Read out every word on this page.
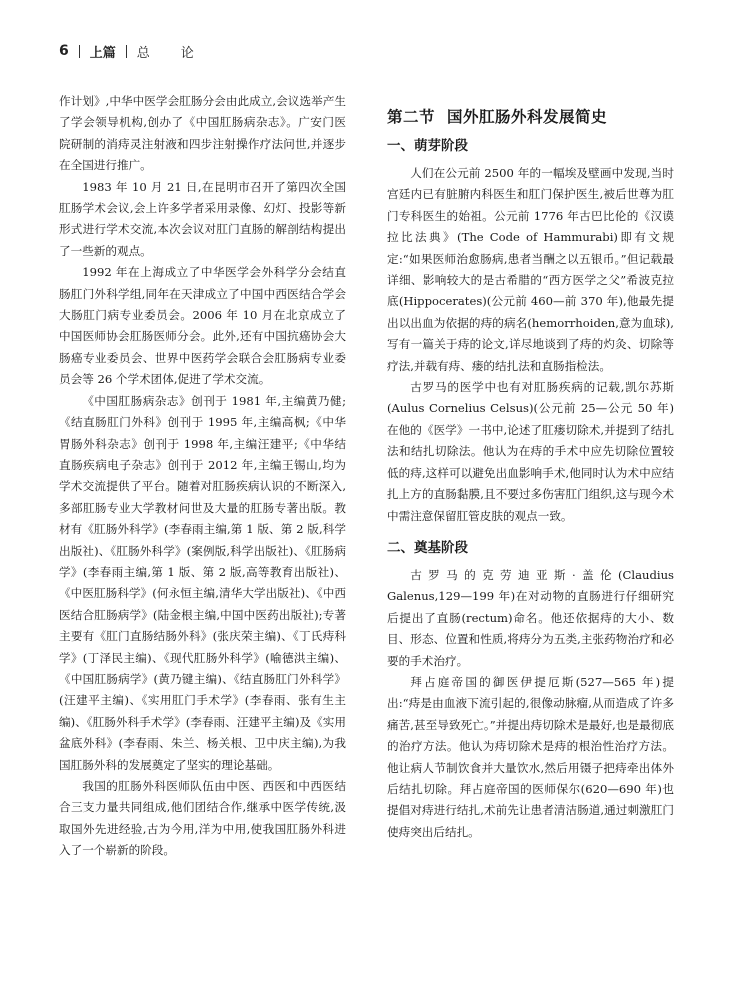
6 上篇 总　论

作计划》,中华中医学会肛肠分会由此成立,会议选举产生了学会领导机构,创办了《中国肛肠病杂志》。广安门医院研制的消痔灵注射液和四步注射操作疗法问世,并逐步在全国进行推广。

1983 年 10 月 21 日,在昆明市召开了第四次全国肛肠学术会议,会上许多学者采用录像、幻灯、投影等新形式进行学术交流,本次会议对肛门直肠的解剖结构提出了一些新的观点。

1992 年在上海成立了中华医学会外科学分会结直肠肛门外科学组,同年在天津成立了中国中西医结合学会大肠肛门病专业委员会。2006 年 10 月在北京成立了中国医师协会肛肠医师分会。此外,还有中国抗癌协会大肠癌专业委员会、世界中医药学会联合会肛肠病专业委员会等 26 个学术团体,促进了学术交流。

《中国肛肠病杂志》创刊于 1981 年,主编黄乃健;《结直肠肛门外科》创刊于 1995 年,主编高枫;《中华胃肠外科杂志》创刊于 1998 年,主编汪建平;《中华结直肠疾病电子杂志》创刊于 2012 年,主编王锡山,均为学术交流提供了平台。随着对肛肠疾病认识的不断深入,多部肛肠专业大学教材问世及大量的肛肠专著出版。教材有《肛肠外科学》(李春雨主编,第 1 版、第 2 版,科学出版社)、《肛肠外科学》(案例版,科学出版社)、《肛肠病学》(李春雨主编,第 1 版、第 2 版,高等教育出版社)、《中医肛肠科学》(何永恒主编,清华大学出版社)、《中西医结合肛肠病学》(陆金根主编,中国中医药出版社);专著主要有《肛门直肠结肠外科》(张庆荣主编)、《丁氏痔科学》(丁泽民主编)、《现代肛肠外科学》(喻德洪主编)、《中国肛肠病学》(黄乃键主编)、《结直肠肛门外科学》(汪建平主编)、《实用肛门手术学》(李春雨、张有生主编)、《肛肠外科手术学》(李春雨、汪建平主编)及《实用盆底外科》(李春雨、朱兰、杨关根、卫中庆主编),为我国肛肠外科的发展奠定了坚实的理论基础。

我国的肛肠外科医师队伍由中医、西医和中西医结合三支力量共同组成,他们团结合作,继承中医学传统,汲取国外先进经验,古为今用,洋为中用,使我国肛肠外科进入了一个崭新的阶段。

第二节 国外肛肠外科发展简史
一、萌芽阶段

人们在公元前 2500 年的一幅埃及壁画中发现,当时宫廷内已有脏腑内科医生和肛门保护医生,被后世尊为肛门专科医生的始祖。公元前 1776 年古巴比伦的《汉谟拉比法典》(The Code of Hammurabi)即有文规定:“如果医师治愈肠病,患者当酬之以五银币。”但记载最详细、影响较大的是古希腊的“西方医学之父”希波克拉底(Hippocerates)(公元前 460—前 370 年),他最先提出以出血为依据的痔的病名(hemorrhoiden,意为血球),写有一篇关于痔的论文,详尽地谈到了痔的灼灸、切除等疗法,并载有痔、瘘的结扎法和直肠指检法。

古罗马的医学中也有对肛肠疾病的记载,凯尔苏斯(Aulus Cornelius Celsus)(公元前 25—公元 50 年)在他的《医学》一书中,论述了肛瘘切除术,并提到了结扎法和结扎切除法。他认为在痔的手术中应先切除位置较低的痔,这样可以避免出血影响手术,他同时认为术中应结扎上方的直肠黏膜,且不要过多伤害肛门组织,这与现今术中需注意保留肛管皮肤的观点一致。

二、奠基阶段

古罗马的克劳迪亚斯·盖伦(Claudius Galenus,129—199 年)在对动物的直肠进行仔细研究后提出了直肠(rectum)命名。他还依据痔的大小、数目、形态、位置和性质,将痔分为五类,主张药物治疗和必要的手术治疗。

拜占庭帝国的御医伊提厄斯(527—565 年)提出:“痔是由血液下流引起的,很像动脉瘤,从而造成了许多痛苦,甚至导致死亡。”并提出痔切除术是最好,也是最彻底的治疗方法。他认为痔切除术是痔的根治性治疗方法。他让病人节制饮食并大量饮水,然后用镊子把痔牵出体外后结扎切除。拜占庭帝国的医师保尔(620—690 年)也提倡对痔进行结扎,术前先让患者清洁肠道,通过刺激肛门使痔突出后结扎。
